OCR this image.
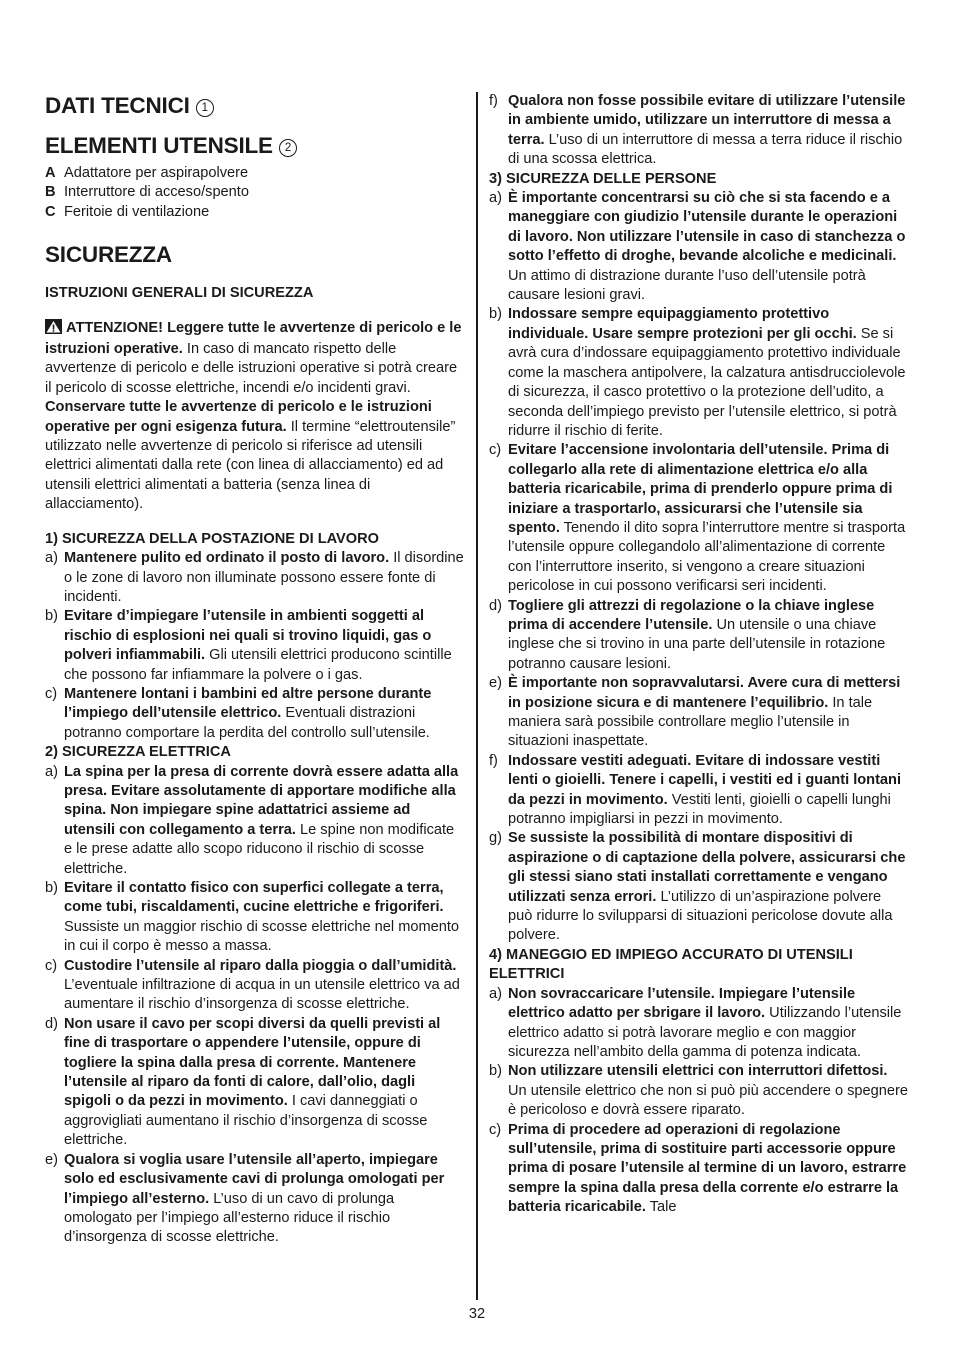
DATI TECNICI 1
ELEMENTI UTENSILE 2
A Adattatore per aspirapolvere
B Interruttore di acceso/spento
C Feritoie di ventilazione
SICUREZZA
ISTRUZIONI GENERALI DI SICUREZZA

ATTENZIONE! Leggere tutte le avvertenze di pericolo e le istruzioni operative. In caso di mancato rispetto delle avvertenze di pericolo e delle istruzioni operative si potrà creare il pericolo di scosse elettriche, incendi e/o incidenti gravi. Conservare tutte le avvertenze di pericolo e le istruzioni operative per ogni esigenza futura. Il termine “elettroutensile” utilizzato nelle avvertenze di pericolo si riferisce ad utensili elettrici alimentati dalla rete (con linea di allacciamento) ed ad utensili elettrici alimentati a batteria (senza linea di allacciamento).

1) SICUREZZA DELLA POSTAZIONE DI LAVORO
a) Mantenere pulito ed ordinato il posto di lavoro. Il disordine o le zone di lavoro non illuminate possono essere fonte di incidenti.
b) Evitare d’impiegare l’utensile in ambienti soggetti al rischio di esplosioni nei quali si trovino liquidi, gas o polveri infiammabili. Gli utensili elettrici producono scintille che possono far infiammare la polvere o i gas.
c) Mantenere lontani i bambini ed altre persone durante l’impiego dell’utensile elettrico. Eventuali distrazioni potranno comportare la perdita del controllo sull’utensile.
2) SICUREZZA ELETTRICA
a) La spina per la presa di corrente dovrà essere adatta alla presa. Evitare assolutamente di apportare modifiche alla spina. Non impiegare spine adattatrici assieme ad utensili con collegamento a terra. Le spine non modificate e le prese adatte allo scopo riducono il rischio di scosse elettriche.
b) Evitare il contatto fisico con superfici collegate a terra, come tubi, riscaldamenti, cucine elettriche e frigoriferi. Sussiste un maggior rischio di scosse elettriche nel momento in cui il corpo è messo a massa.
c) Custodire l’utensile al riparo dalla pioggia o dall’umidità. L’eventuale infiltrazione di acqua in un utensile elettrico va ad aumentare il rischio d’insorgenza di scosse elettriche.
d) Non usare il cavo per scopi diversi da quelli previsti al fine di trasportare o appendere l’utensile, oppure di togliere la spina dalla presa di corrente. Mantenere l’utensile al riparo da fonti di calore, dall’olio, dagli spigoli o da pezzi in movimento. I cavi danneggiati o aggrovigliati aumentano il rischio d’insorgenza di scosse elettriche.
e) Qualora si voglia usare l’utensile all’aperto, impiegare solo ed esclusivamente cavi di prolunga omologati per l’impiego all’esterno. L’uso di un cavo di prolunga omologato per l’impiego all’esterno riduce il rischio d’insorgenza di scosse elettriche.
f) Qualora non fosse possibile evitare di utilizzare l’utensile in ambiente umido, utilizzare un interruttore di messa a terra. L’uso di un interruttore di messa a terra riduce il rischio di una scossa elettrica.
3) SICUREZZA DELLE PERSONE
a) È importante concentrarsi su ciò che si sta facendo e a maneggiare con giudizio l’utensile durante le operazioni di lavoro. Non utilizzare l’utensile in caso di stanchezza o sotto l’effetto di droghe, bevande alcoliche e medicinali. Un attimo di distrazione durante l’uso dell’utensile potrà causare lesioni gravi.
b) Indossare sempre equipaggiamento protettivo individuale. Usare sempre protezioni per gli occhi. Se si avrà cura d’indossare equipaggiamento protettivo individuale come la maschera antipolvere, la calzatura antisdrucciolevole di sicurezza, il casco protettivo o la protezione dell’udito, a seconda dell’impiego previsto per l’utensile elettrico, si potrà ridurre il rischio di ferite.
c) Evitare l’accensione involontaria dell’utensile. Prima di collegarlo alla rete di alimentazione elettrica e/o alla batteria ricaricabile, prima di prenderlo oppure prima di iniziare a trasportarlo, assicurarsi che l’utensile sia spento. Tenendo il dito sopra l’interruttore mentre si trasporta l’utensile oppure collegandolo all’alimentazione di corrente con l’interruttore inserito, si vengono a creare situazioni pericolose in cui possono verificarsi seri incidenti.
d) Togliere gli attrezzi di regolazione o la chiave inglese prima di accendere l’utensile. Un utensile o una chiave inglese che si trovino in una parte dell’utensile in rotazione potranno causare lesioni.
e) È importante non sopravvalutarsi. Avere cura di mettersi in posizione sicura e di mantenere l’equilibrio. In tale maniera sarà possibile controllare meglio l’utensile in situazioni inaspettate.
f) Indossare vestiti adeguati. Evitare di indossare vestiti lenti o gioielli. Tenere i capelli, i vestiti ed i guanti lontani da pezzi in movimento. Vestiti lenti, gioielli o capelli lunghi potranno impigliarsi in pezzi in movimento.
g) Se sussiste la possibilità di montare dispositivi di aspirazione o di captazione della polvere, assicurarsi che gli stessi siano stati installati correttamente e vengano utilizzati senza errori. L’utilizzo di un’aspirazione polvere può ridurre lo svilupparsi di situazioni pericolose dovute alla polvere.
4) MANEGGIO ED IMPIEGO ACCURATO DI UTENSILI ELETTRICI
a) Non sovraccaricare l’utensile. Impiegare l’utensile elettrico adatto per sbrigare il lavoro. Utilizzando l’utensile elettrico adatto si potrà lavorare meglio e con maggior sicurezza nell’ambito della gamma di potenza indicata.
b) Non utilizzare utensili elettrici con interruttori difettosi. Un utensile elettrico che non si può più accendere o spegnere è pericoloso e dovrà essere riparato.
c) Prima di procedere ad operazioni di regolazione sull’utensile, prima di sostituire parti accessorie oppure prima di posare l’utensile al termine di un lavoro, estrarre sempre la spina dalla presa della corrente e/o estrarre la batteria ricaricabile. Tale
32
